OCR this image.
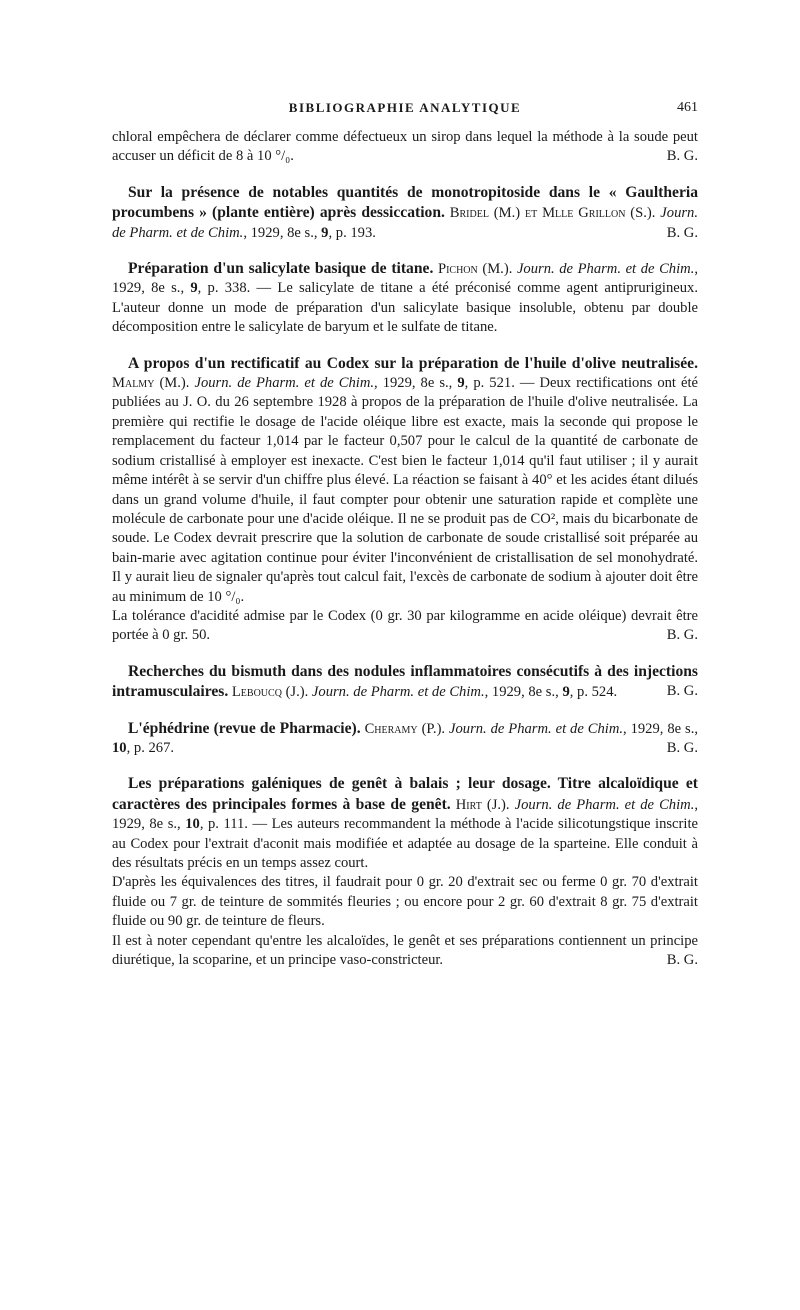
BIBLIOGRAPHIE ANALYTIQUE	461

chloral empêchera de déclarer comme défectueux un sirop dans lequel la méthode à la soude peut accuser un déficit de 8 à 10 °/₀.	B. G.

Sur la présence de notables quantités de monotropitoside dans le « Gaultheria procumbens » (plante entière) après dessiccation. Bridel (M.) et Mlle Grillon (S.). Journ. de Pharm. et de Chim., 1929, 8e s., 9, p. 193.	B. G.

Préparation d'un salicylate basique de titane. Pichon (M.). Journ. de Pharm. et de Chim., 1929, 8e s., 9, p. 338. — Le salicylate de titane a été préconisé comme agent antiprurigineux. L'auteur donne un mode de préparation d'un salicylate basique insoluble, obtenu par double décomposition entre le salicylate de baryum et le sulfate de titane.

A propos d'un rectificatif au Codex sur la préparation de l'huile d'olive neutralisée. Malmy (M.). Journ. de Pharm. et de Chim., 1929, 8e s., 9, p. 521. — Deux rectifications ont été publiées au J. O. du 26 septembre 1928 à propos de la préparation de l'huile d'olive neutralisée. La première qui rectifie le dosage de l'acide oléique libre est exacte, mais la seconde qui propose le remplacement du facteur 1,014 par le facteur 0,507 pour le calcul de la quantité de carbonate de sodium cristallisé à employer est inexacte. C'est bien le facteur 1,014 qu'il faut utiliser ; il y aurait même intérêt à se servir d'un chiffre plus élevé. La réaction se faisant à 40° et les acides étant dilués dans un grand volume d'huile, il faut compter pour obtenir une saturation rapide et complète une molécule de carbonate pour une d'acide oléique. Il ne se produit pas de CO², mais du bicarbonate de soude. Le Codex devrait prescrire que la solution de carbonate de soude cristallisé soit préparée au bain-marie avec agitation continue pour éviter l'inconvénient de cristallisation de sel monohydraté. Il y aurait lieu de signaler qu'après tout calcul fait, l'excès de carbonate de sodium à ajouter doit être au minimum de 10 °/₀.

La tolérance d'acidité admise par le Codex (0 gr. 30 par kilogramme en acide oléique) devrait être portée à 0 gr. 50.	B. G.

Recherches du bismuth dans des nodules inflammatoires consécutifs à des injections intramusculaires. Leboucq (J.). Journ. de Pharm. et de Chim., 1929, 8e s., 9, p. 524.	B. G.

L'éphédrine (revue de Pharmacie). Cheramy (P.). Journ. de Pharm. et de Chim., 1929, 8e s., 10, p. 267.	B. G.

Les préparations galéniques de genêt à balais ; leur dosage. Titre alcaloïdique et caractères des principales formes à base de genêt. Hirt (J.). Journ. de Pharm. et de Chim., 1929, 8e s., 10, p. 111. — Les auteurs recommandent la méthode à l'acide silicotungstique inscrite au Codex pour l'extrait d'aconit mais modifiée et adaptée au dosage de la sparteine. Elle conduit à des résultats précis en un temps assez court.

D'après les équivalences des titres, il faudrait pour 0 gr. 20 d'extrait sec ou ferme 0 gr. 70 d'extrait fluide ou 7 gr. de teinture de sommités fleuries ; ou encore pour 2 gr. 60 d'extrait 8 gr. 75 d'extrait fluide ou 90 gr. de teinture de fleurs.

Il est à noter cependant qu'entre les alcaloïdes, le genêt et ses préparations contiennent un principe diurétique, la scoparine, et un principe vaso-constricteur.	B. G.
